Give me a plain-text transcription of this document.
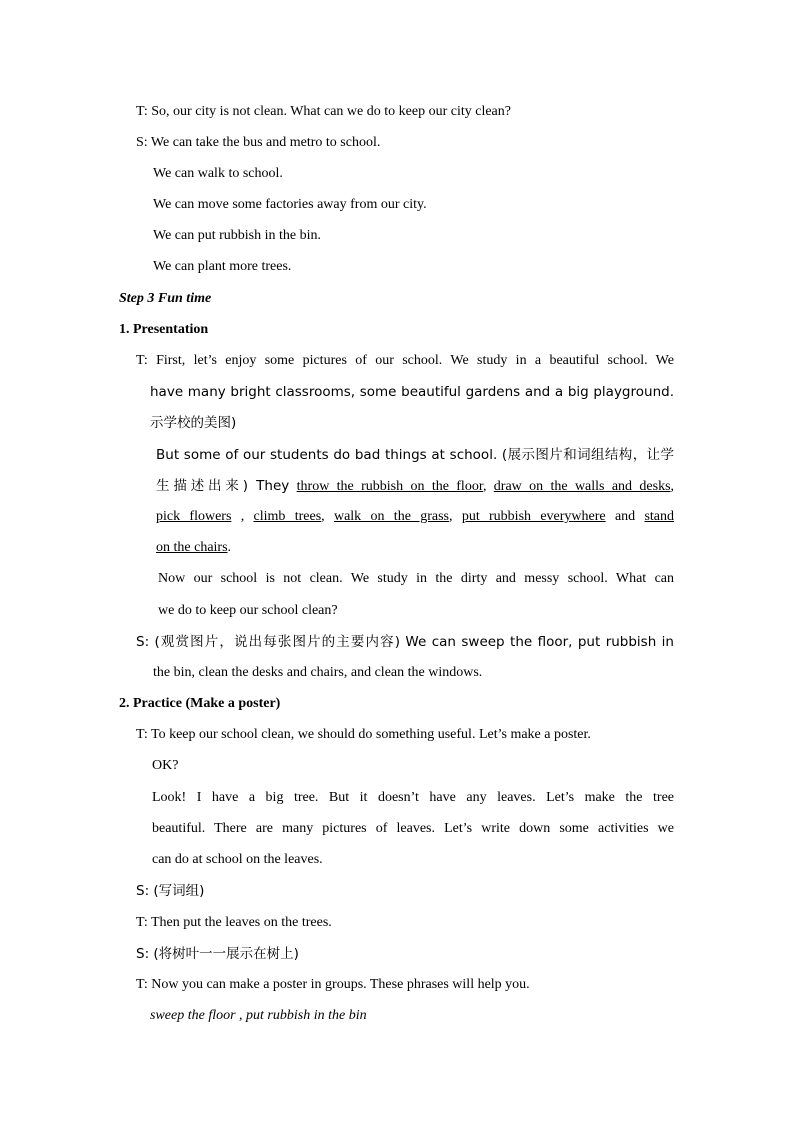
T: So, our city is not clean. What can we do to keep our city clean?
S: We can take the bus and metro to school.
We can walk to school.
We can move some factories away from our city.
We can put rubbish in the bin.
We can plant more trees.
Step 3 Fun time
1. Presentation
T: First, let’s enjoy some pictures of our school. We study in a beautiful school. We
have many bright classrooms, some beautiful gardens and a big playground.
示学校的美图)
But some of our students do bad things at school. (展示图片和词组结构，让学
生描述出来) They throw the rubbish on the floor, draw on the walls and desks,
pick flowers , climb trees, walk on the grass, put rubbish everywhere and stand
on the chairs.
Now our school is not clean. We study in the dirty and messy school. What can
we do to keep our school clean?
S: (观赏图片，说出每张图片的主要内容) We can sweep the floor, put rubbish in
the bin, clean the desks and chairs, and clean the windows.
2. Practice (Make a poster)
T: To keep our school clean, we should do something useful. Let’s make a poster.
OK?
Look! I have a big tree. But it doesn’t have any leaves. Let’s make the tree
beautiful. There are many pictures of leaves. Let’s write down some activities we
can do at school on the leaves.
S: (写词组)
T: Then put the leaves on the trees.
S: (将树叶一一展示在树上)
T: Now you can make a poster in groups. These phrases will help you.
sweep the floor , put rubbish in the bin
